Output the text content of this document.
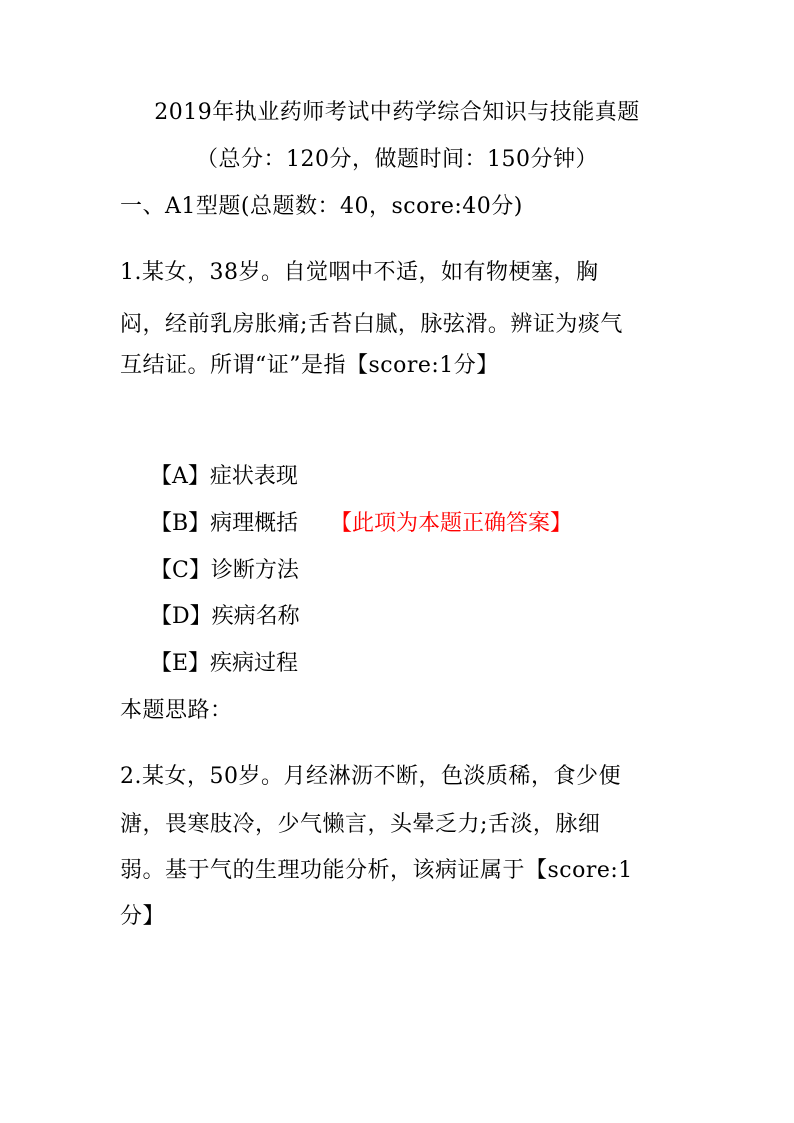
2019年执业药师考试中药学综合知识与技能真题
（总分：120分，做题时间：150分钟）
一、A1型题(总题数：40，score:40分)
1.某女，38岁。自觉咽中不适，如有物梗塞，胸
闷，经前乳房胀痛;舌苔白腻，脉弦滑。辨证为痰气
互结证。所谓“证”是指【score:1分】
【A】症状表现
【B】病理概括 【此项为本题正确答案】
【C】诊断方法
【D】疾病名称
【E】疾病过程
本题思路：
2.某女，50岁。月经淋沥不断，色淡质稀，食少便
溏，畏寒肢冷，少气懒言，头晕乏力;舌淡，脉细
弱。基于气的生理功能分析，该病证属于【score:1
分】
